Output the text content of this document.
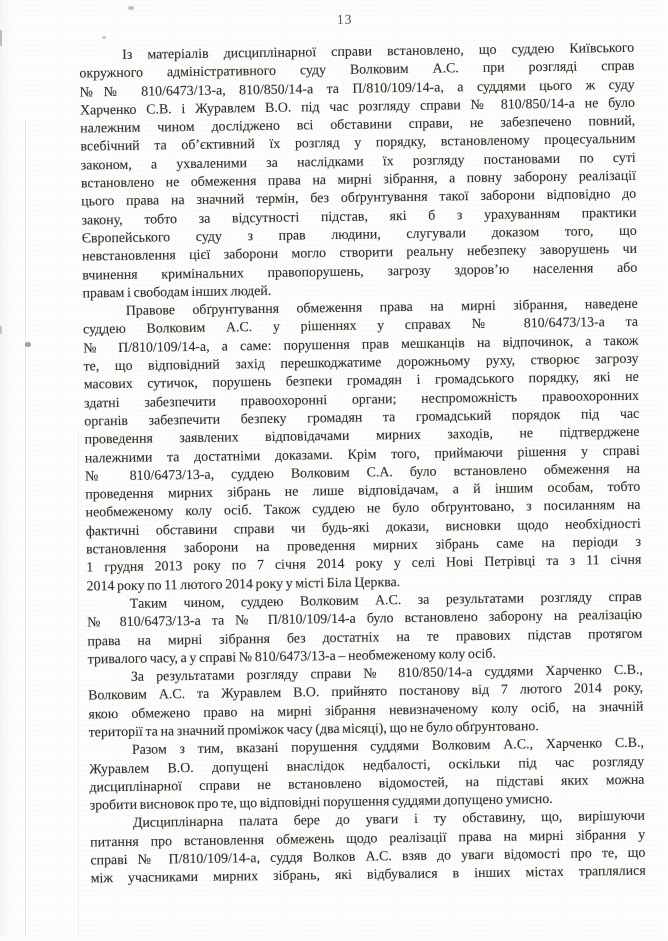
13
Із матеріалів дисциплінарної справи встановлено, що суддею Київського
окружного адміністративного суду Волковим А.С. при розгляді справ
№№ 810/6473/13-а, 810/850/14-а та П/810/109/14-а, а суддями цього ж суду
Харченко С.В. і Журавлем В.О. під час розгляду справи № 810/850/14-а не було
належним чином досліджено всі обставини справи, не забезпечено повний,
всебічний та об’єктивний їх розгляд у порядку, встановленому процесуальним
законом, а ухваленими за наслідками їх розгляду постановами по суті
встановлено не обмеження права на мирні зібрання, а повну заборону реалізації
цього права на значний термін, без обґрунтування такої заборони відповідно до
закону, тобто за відсутності підстав, які б з урахуванням практики
Європейського суду з прав людини, слугували доказом того, що
невстановлення цієї заборони могло створити реальну небезпеку заворушень чи
вчинення кримінальних правопорушень, загрозу здоров’ю населення або
правам і свободам інших людей.
Правове обґрунтування обмеження права на мирні зібрання, наведене
суддею Волковим А.С. у рішеннях у справах № 810/6473/13-а та
№ П/810/109/14-а, а саме: порушення прав мешканців на відпочинок, а також
те, що відповідний захід перешкоджатиме дорожньому руху, створює загрозу
масових сутичок, порушень безпеки громадян і громадського порядку, які не
здатні забезпечити правоохоронні органи; неспроможність правоохоронних
органів забезпечити безпеку громадян та громадський порядок під час
проведення заявлених відповідачами мирних заходів, не підтверджене
належними та достатніми доказами. Крім того, приймаючи рішення у справі
№ 810/6473/13-а, суддею Волковим С.А. було встановлено обмеження на
проведення мирних зібрань не лише відповідачам, а й іншим особам, тобто
необмеженому колу осіб. Також суддею не було обґрунтовано, з посиланням на
фактичні обставини справи чи будь-які докази, висновки щодо необхідності
встановлення заборони на проведення мирних зібрань саме на періоди з
1 грудня 2013 року по 7 січня 2014 року у селі Нові Петрівці та з 11 січня
2014 року по 11 лютого 2014 року у місті Біла Церква.
Таким чином, суддею Волковим А.С. за результатами розгляду справ
№ 810/6473/13-а та № П/810/109/14-а було встановлено заборону на реалізацію
права на мирні зібрання без достатніх на те правових підстав протягом
тривалого часу, а у справі № 810/6473/13-а – необмеженому колу осіб.
За результатами розгляду справи № 810/850/14-а суддями Харченко С.В.,
Волковим А.С. та Журавлем В.О. прийнято постанову від 7 лютого 2014 року,
якою обмежено право на мирні зібрання невизначеному колу осіб, на значній
території та на значний проміжок часу (два місяці), що не було обґрунтовано.
Разом з тим, вказані порушення суддями Волковим А.С., Харченко С.В.,
Журавлем В.О. допущені внаслідок недбалості, оскільки під час розгляду
дисциплінарної справи не встановлено відомостей, на підставі яких можна
зробити висновок про те, що відповідні порушення суддями допущено умисно.
Дисциплінарна палата бере до уваги і ту обставину, що, вирішуючи
питання про встановлення обмежень щодо реалізації права на мирні зібрання у
справі № П/810/109/14-а, суддя Волков А.С. взяв до уваги відомості про те, що
між учасниками мирних зібрань, які відбувалися в інших містах траплялися
